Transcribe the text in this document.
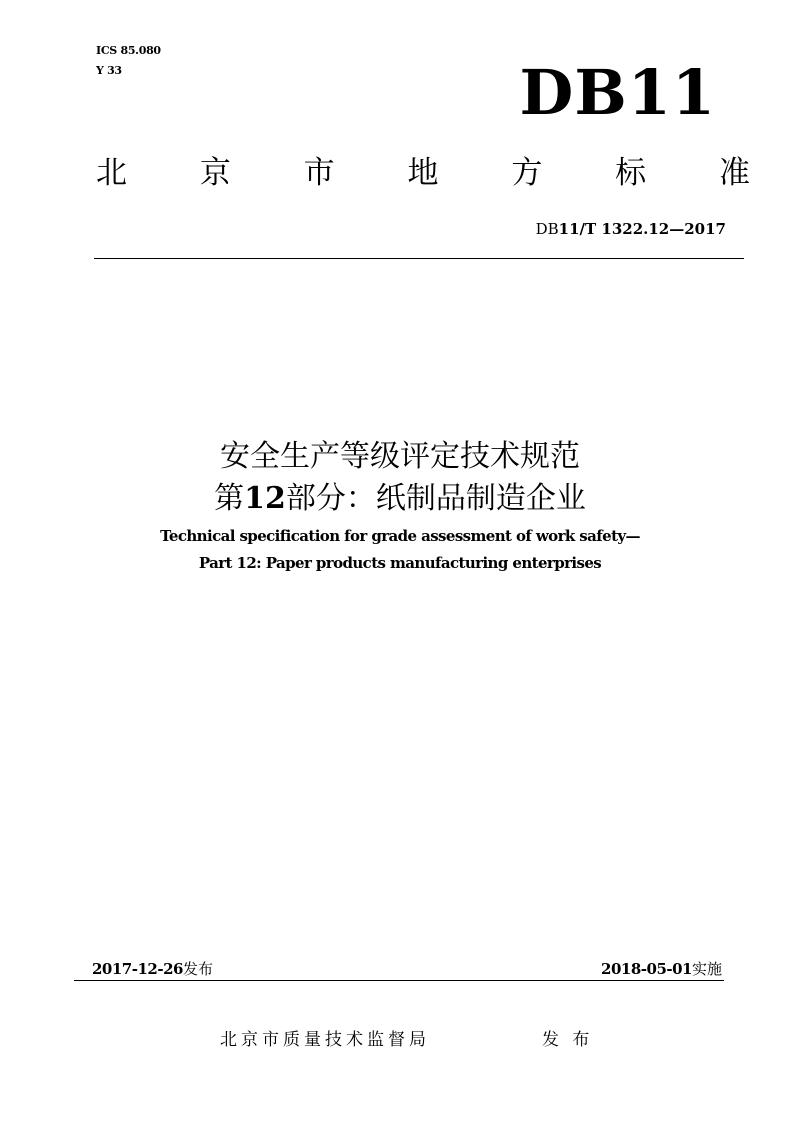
ICS 85.080
Y 33	DB11
北 京 市 地 方 标 准
DB11/T 1322.12—2017
安全生产等级评定技术规范
第12部分：纸制品制造企业
Technical specification for grade assessment of work safety—
Part 12: Paper products manufacturing enterprises
2017-12-26发布	2018-05-01实施
北京市质量技术监督局	发 布
